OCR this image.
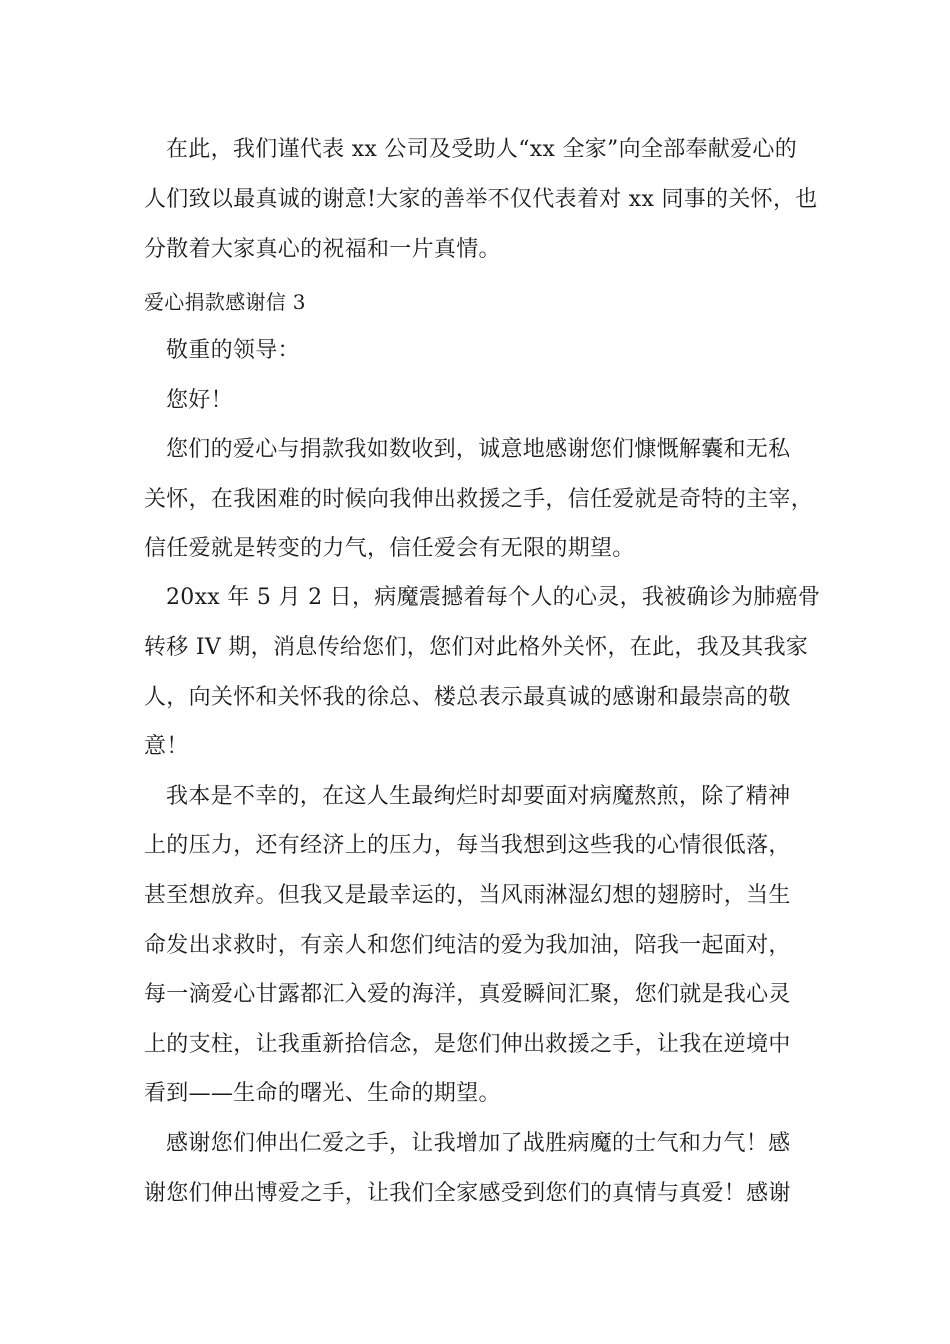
在此，我们谨代表 xx 公司及受助人“xx 全家”向全部奉献爱心的
人们致以最真诚的谢意!大家的善举不仅代表着对 xx 同事的关怀，也
分散着大家真心的祝福和一片真情。
爱心捐款感谢信 3
敬重的领导：
您好！
您们的爱心与捐款我如数收到，诚意地感谢您们慷慨解囊和无私
关怀，在我困难的时候向我伸出救援之手，信任爱就是奇特的主宰，
信任爱就是转变的力气，信任爱会有无限的期望。
20xx 年 5 月 2 日，病魔震撼着每个人的心灵，我被确诊为肺癌骨
转移 IV 期，消息传给您们，您们对此格外关怀，在此，我及其我家
人，向关怀和关怀我的徐总、楼总表示最真诚的感谢和最崇高的敬
意！
我本是不幸的，在这人生最绚烂时却要面对病魔熬煎，除了精神
上的压力，还有经济上的压力，每当我想到这些我的心情很低落，
甚至想放弃。但我又是最幸运的，当风雨淋湿幻想的翅膀时，当生
命发出求救时，有亲人和您们纯洁的爱为我加油，陪我一起面对，
每一滴爱心甘露都汇入爱的海洋，真爱瞬间汇聚，您们就是我心灵
上的支柱，让我重新拾信念，是您们伸出救援之手，让我在逆境中
看到——生命的曙光、生命的期望。
感谢您们伸出仁爱之手，让我增加了战胜病魔的士气和力气！感
谢您们伸出博爱之手，让我们全家感受到您们的真情与真爱！感谢
